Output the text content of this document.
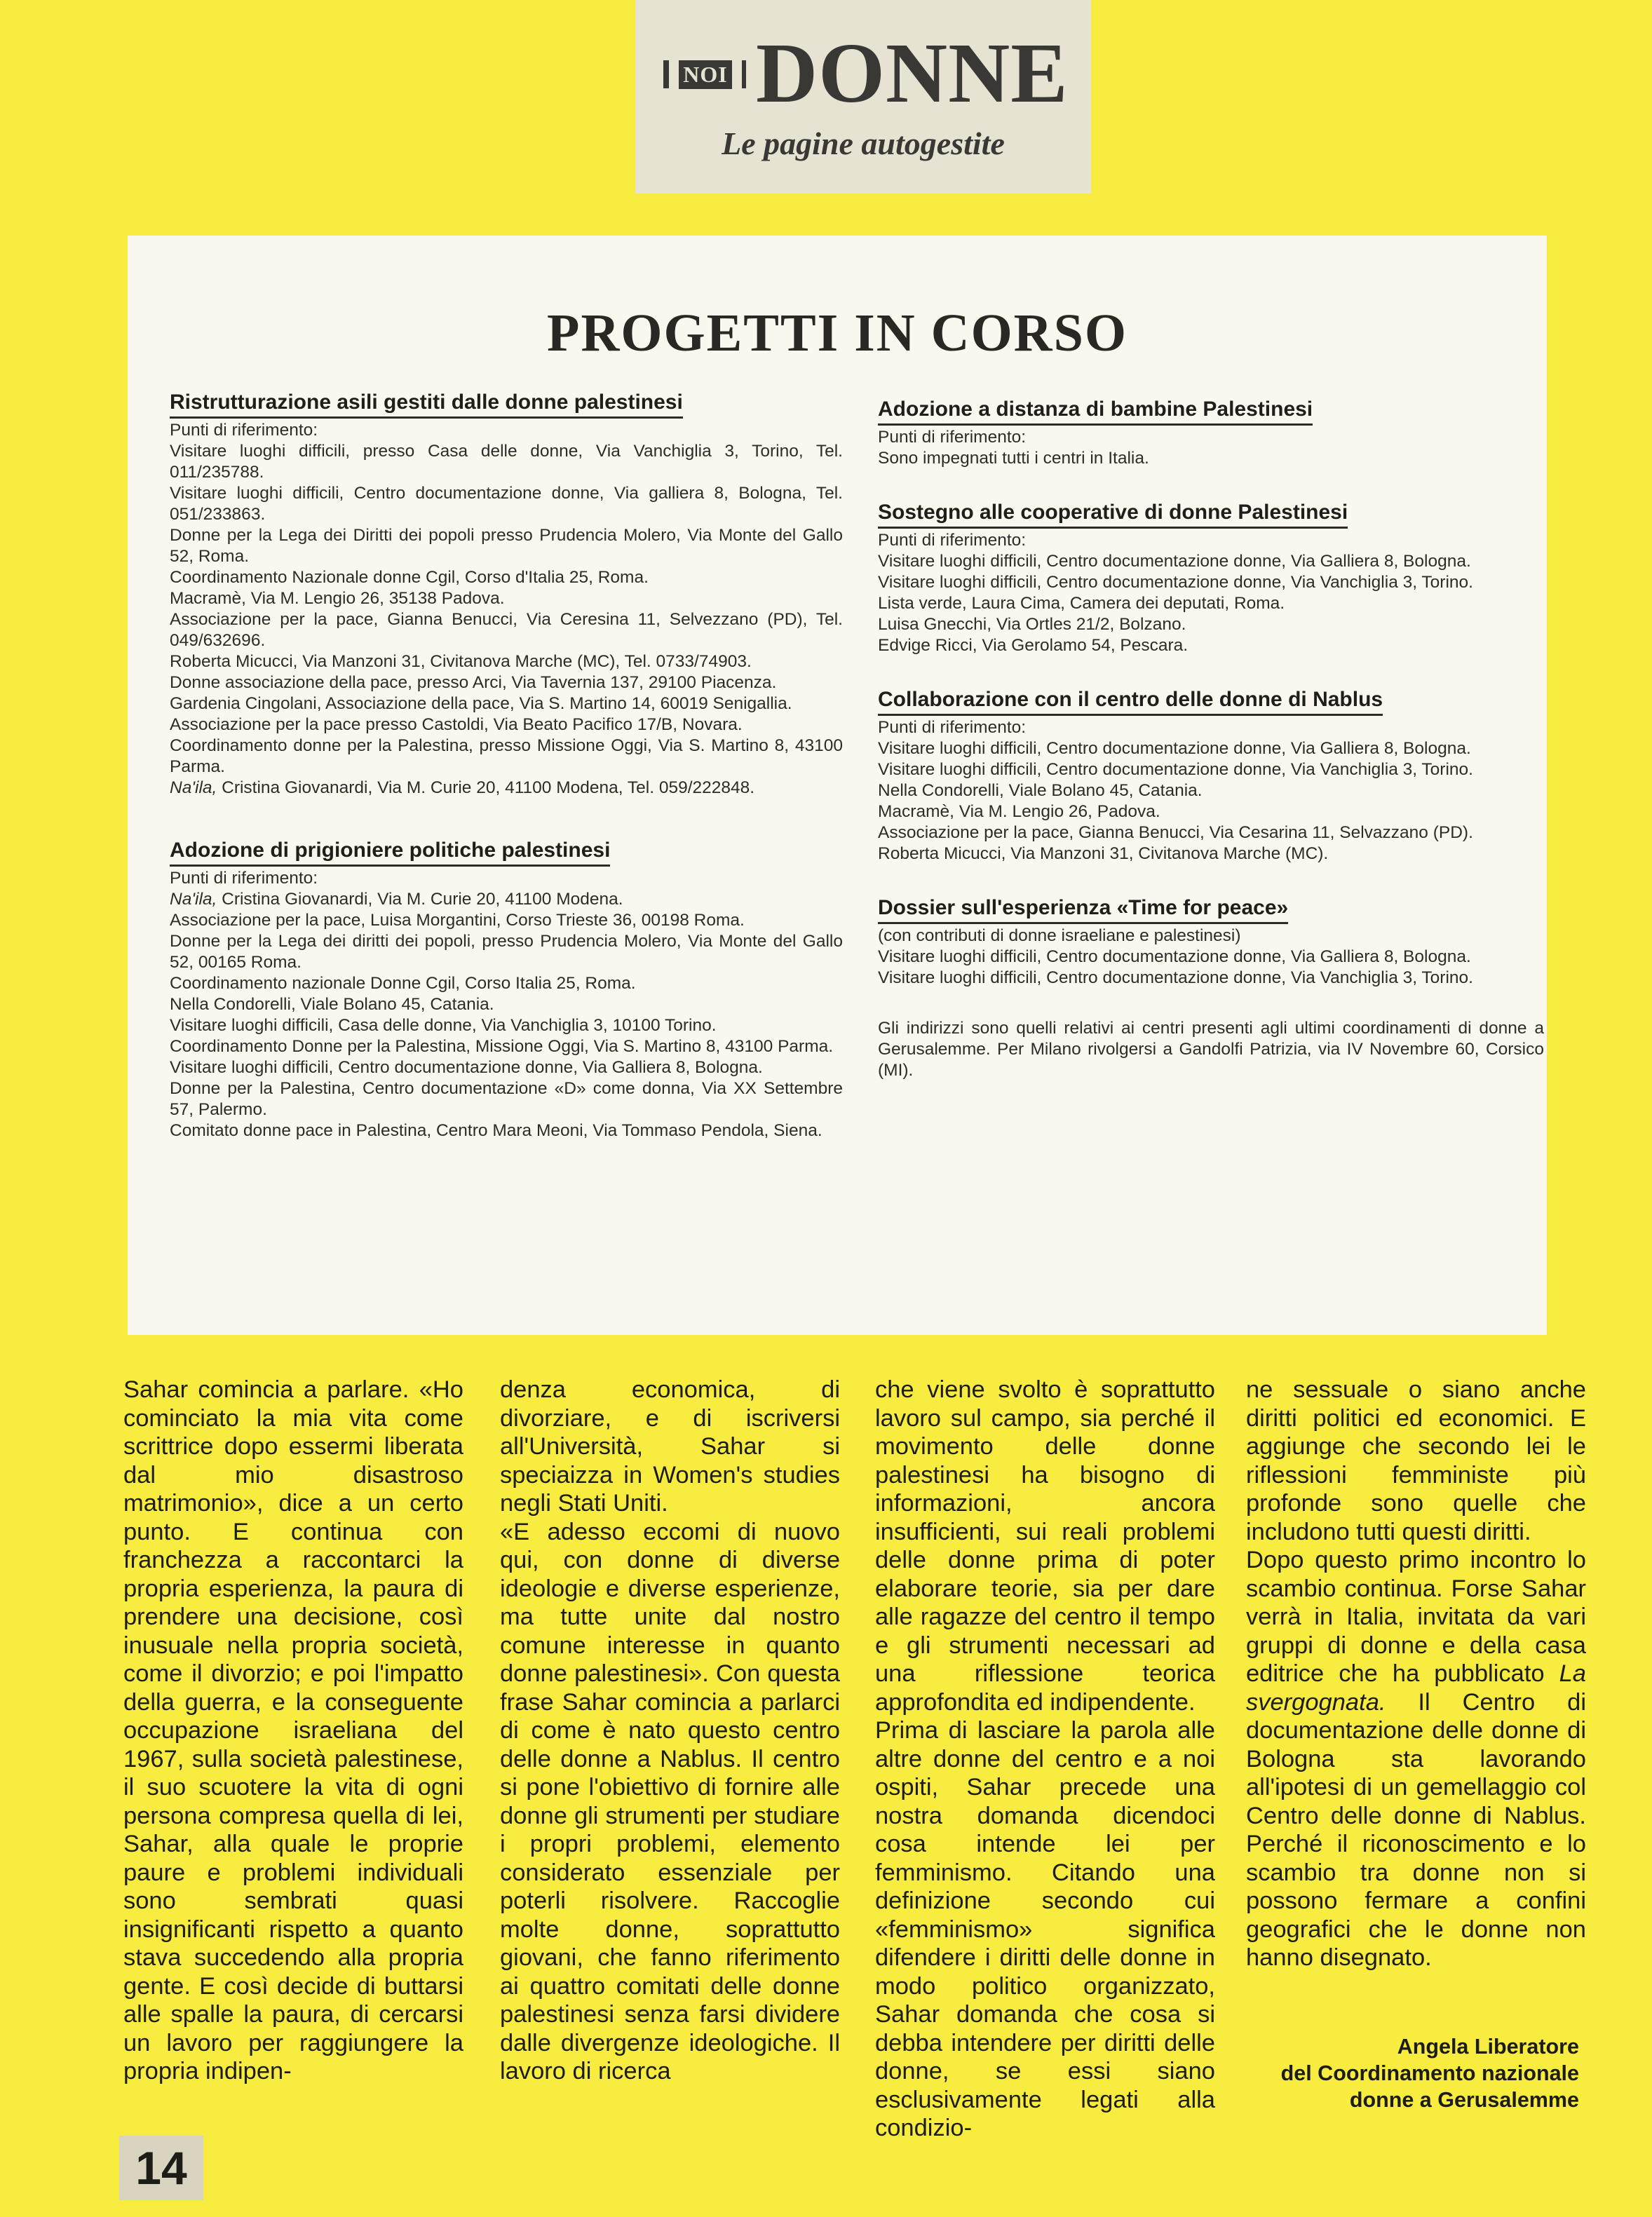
NOI DONNE
Le pagine autogestite
PROGETTI IN CORSO
Ristrutturazione asili gestiti dalle donne palestinesi

Punti di riferimento:

Visitare luoghi difficili, presso Casa delle donne, Via Vanchiglia 3, Torino, Tel. 011/235788.

Visitare luoghi difficili, Centro documentazione donne, Via galliera 8, Bologna, Tel. 051/233863.

Donne per la Lega dei Diritti dei popoli presso Prudencia Molero, Via Monte del Gallo 52, Roma.

Coordinamento Nazionale donne Cgil, Corso d'Italia 25, Roma.

Macramè, Via M. Lengio 26, 35138 Padova.

Associazione per la pace, Gianna Benucci, Via Ceresina 11, Selvezzano (PD), Tel. 049/632696.

Roberta Micucci, Via Manzoni 31, Civitanova Marche (MC), Tel. 0733/74903.

Donne associazione della pace, presso Arci, Via Tavernia 137, 29100 Piacenza.

Gardenia Cingolani, Associazione della pace, Via S. Martino 14, 60019 Senigallia.

Associazione per la pace presso Castoldi, Via Beato Pacifico 17/B, Novara.

Coordinamento donne per la Palestina, presso Missione Oggi, Via S. Martino 8, 43100 Parma.

Na'ila, Cristina Giovanardi, Via M. Curie 20, 41100 Modena, Tel. 059/222848.

Adozione di prigioniere politiche palestinesi

Punti di riferimento:

Na'ila, Cristina Giovanardi, Via M. Curie 20, 41100 Modena.

Associazione per la pace, Luisa Morgantini, Corso Trieste 36, 00198 Roma.

Donne per la Lega dei diritti dei popoli, presso Prudencia Molero, Via Monte del Gallo 52, 00165 Roma.

Coordinamento nazionale Donne Cgil, Corso Italia 25, Roma.

Nella Condorelli, Viale Bolano 45, Catania.

Visitare luoghi difficili, Casa delle donne, Via Vanchiglia 3, 10100 Torino.

Coordinamento Donne per la Palestina, Missione Oggi, Via S. Martino 8, 43100 Parma.

Visitare luoghi difficili, Centro documentazione donne, Via Galliera 8, Bologna.

Donne per la Palestina, Centro documentazione «D» come donna, Via XX Settembre 57, Palermo.

Comitato donne pace in Palestina, Centro Mara Meoni, Via Tommaso Pendola, Siena.

Adozione a distanza di bambine Palestinesi

Punti di riferimento:

Sono impegnati tutti i centri in Italia.

Sostegno alle cooperative di donne Palestinesi

Punti di riferimento:

Visitare luoghi difficili, Centro documentazione donne, Via Galliera 8, Bologna.

Visitare luoghi difficili, Centro documentazione donne, Via Vanchiglia 3, Torino.

Lista verde, Laura Cima, Camera dei deputati, Roma.

Luisa Gnecchi, Via Ortles 21/2, Bolzano.

Edvige Ricci, Via Gerolamo 54, Pescara.

Collaborazione con il centro delle donne di Nablus

Punti di riferimento:

Visitare luoghi difficili, Centro documentazione donne, Via Galliera 8, Bologna.

Visitare luoghi difficili, Centro documentazione donne, Via Vanchiglia 3, Torino.

Nella Condorelli, Viale Bolano 45, Catania.

Macramè, Via M. Lengio 26, Padova.

Associazione per la pace, Gianna Benucci, Via Cesarina 11, Selvazzano (PD).

Roberta Micucci, Via Manzoni 31, Civitanova Marche (MC).

Dossier sull'esperienza «Time for peace»

(con contributi di donne israeliane e palestinesi)

Visitare luoghi difficili, Centro documentazione donne, Via Galliera 8, Bologna.

Visitare luoghi difficili, Centro documentazione donne, Via Vanchiglia 3, Torino.

Gli indirizzi sono quelli relativi ai centri presenti agli ultimi coordinamenti di donne a Gerusalemme. Per Milano rivolgersi a Gandolfi Patrizia, via IV Novembre 60, Corsico (MI).

Sahar comincia a parlare. «Ho cominciato la mia vita come scrittrice dopo essermi liberata dal mio disastroso matrimonio», dice a un certo punto. E continua con franchezza a raccontarci la propria esperienza, la paura di prendere una decisione, così inusuale nella propria società, come il divorzio; e poi l'impatto della guerra, e la conseguente occupazione israeliana del 1967, sulla società palestinese, il suo scuotere la vita di ogni persona compresa quella di lei, Sahar, alla quale le proprie paure e problemi individuali sono sembrati quasi insignificanti rispetto a quanto stava succedendo alla propria gente. E così decide di buttarsi alle spalle la paura, di cercarsi un lavoro per raggiungere la propria indipen-

denza economica, di divorziare, e di iscriversi all'Università, Sahar si speciaizza in Women's studies negli Stati Uniti.

«E adesso eccomi di nuovo qui, con donne di diverse ideologie e diverse esperienze, ma tutte unite dal nostro comune interesse in quanto donne palestinesi». Con questa frase Sahar comincia a parlarci di come è nato questo centro delle donne a Nablus. Il centro si pone l'obiettivo di fornire alle donne gli strumenti per studiare i propri problemi, elemento considerato essenziale per poterli risolvere. Raccoglie molte donne, soprattutto giovani, che fanno riferimento ai quattro comitati delle donne palestinesi senza farsi dividere dalle divergenze ideologiche. Il lavoro di ricerca

che viene svolto è soprattutto lavoro sul campo, sia perché il movimento delle donne palestinesi ha bisogno di informazioni, ancora insufficienti, sui reali problemi delle donne prima di poter elaborare teorie, sia per dare alle ragazze del centro il tempo e gli strumenti necessari ad una riflessione teorica approfondita ed indipendente.

Prima di lasciare la parola alle altre donne del centro e a noi ospiti, Sahar precede una nostra domanda dicendoci cosa intende lei per femminismo. Citando una definizione secondo cui «femminismo» significa difendere i diritti delle donne in modo politico organizzato, Sahar domanda che cosa si debba intendere per diritti delle donne, se essi siano esclusivamente legati alla condizio-

ne sessuale o siano anche diritti politici ed economici. E aggiunge che secondo lei le riflessioni femministe più profonde sono quelle che includono tutti questi diritti.

Dopo questo primo incontro lo scambio continua. Forse Sahar verrà in Italia, invitata da vari gruppi di donne e della casa editrice che ha pubblicato La svergognata. Il Centro di documentazione delle donne di Bologna sta lavorando all'ipotesi di un gemellaggio col Centro delle donne di Nablus. Perché il riconoscimento e lo scambio tra donne non si possono fermare a confini geografici che le donne non hanno disegnato.

Angela Liberatore
del Coordinamento nazionale
donne a Gerusalemme
14
